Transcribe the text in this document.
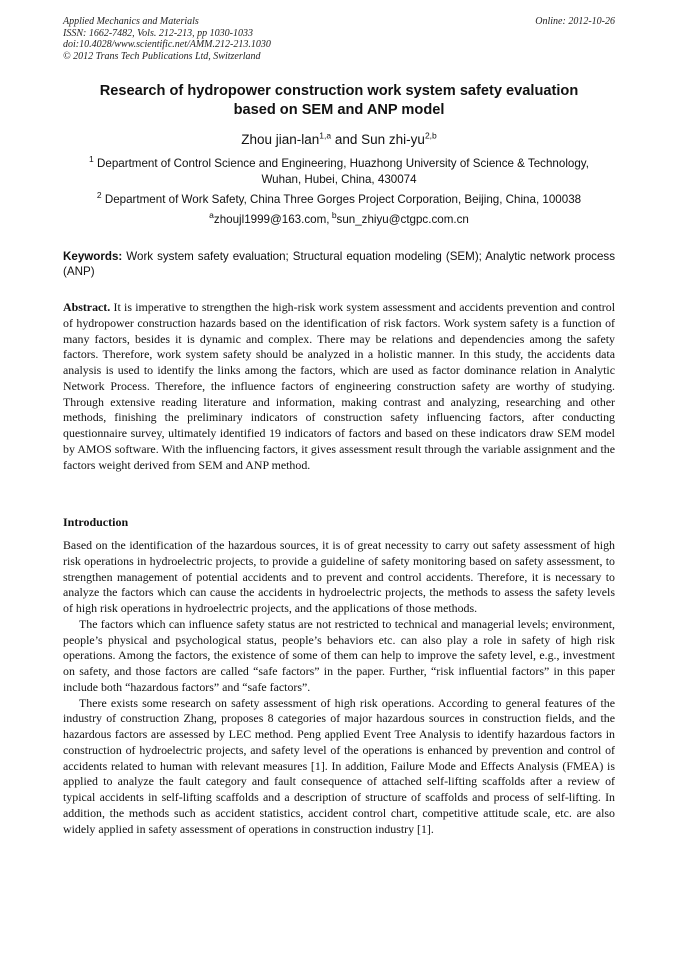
Applied Mechanics and Materials
ISSN: 1662-7482, Vols. 212-213, pp 1030-1033
doi:10.4028/www.scientific.net/AMM.212-213.1030
© 2012 Trans Tech Publications Ltd, Switzerland
Online: 2012-10-26
Research of hydropower construction work system safety evaluation
based on SEM and ANP model
Zhou jian-lan$^{1,a}$ and Sun zhi-yu$^{2,b}$
$^1$ Department of Control Science and Engineering, Huazhong University of Science & Technology,
Wuhan, Hubei, China, 430074
$^2$ Department of Work Safety, China Three Gorges Project Corporation, Beijing, China, 100038
$^a$zhoujl1999@163.com, $^b$sun_zhiyu@ctgpc.com.cn
Keywords: Work system safety evaluation; Structural equation modeling (SEM); Analytic network process (ANP)
Abstract. It is imperative to strengthen the high-risk work system assessment and accidents prevention and control of hydropower construction hazards based on the identification of risk factors. Work system safety is a function of many factors, besides it is dynamic and complex. There may be relations and dependencies among the safety factors. Therefore, work system safety should be analyzed in a holistic manner. In this study, the accidents data analysis is used to identify the links among the factors, which are used as factor dominance relation in Analytic Network Process. Therefore, the influence factors of engineering construction safety are worthy of studying. Through extensive reading literature and information, making contrast and analyzing, researching and other methods, finishing the preliminary indicators of construction safety influencing factors, after conducting questionnaire survey, ultimately identified 19 indicators of factors and based on these indicators draw SEM model by AMOS software. With the influencing factors, it gives assessment result through the variable assignment and the factors weight derived from SEM and ANP method.
Introduction

Based on the identification of the hazardous sources, it is of great necessity to carry out safety assessment of high risk operations in hydroelectric projects, to provide a guideline of safety monitoring based on safety assessment, to strengthen management of potential accidents and to prevent and control accidents. Therefore, it is necessary to analyze the factors which can cause the accidents in hydroelectric projects, the methods to assess the safety levels of high risk operations in hydroelectric projects, and the applications of those methods.

The factors which can influence safety status are not restricted to technical and managerial levels; environment, people’s physical and psychological status, people’s behaviors etc. can also play a role in safety of high risk operations. Among the factors, the existence of some of them can help to improve the safety level, e.g., investment on safety, and those factors are called “safe factors” in the paper. Further, “risk influential factors” in this paper include both “hazardous factors” and “safe factors”.

There exists some research on safety assessment of high risk operations. According to general features of the industry of construction Zhang, proposes 8 categories of major hazardous sources in construction fields, and the hazardous factors are assessed by LEC method. Peng applied Event Tree Analysis to identify hazardous factors in construction of hydroelectric projects, and safety level of the operations is enhanced by prevention and control of accidents related to human with relevant measures [1]. In addition, Failure Mode and Effects Analysis (FMEA) is applied to analyze the fault category and fault consequence of attached self-lifting scaffolds after a review of typical accidents in self-lifting scaffolds and a description of structure of scaffolds and process of self-lifting. In addition, the methods such as accident statistics, accident control chart, competitive attitude scale, etc. are also widely applied in safety assessment of operations in construction industry [1].
